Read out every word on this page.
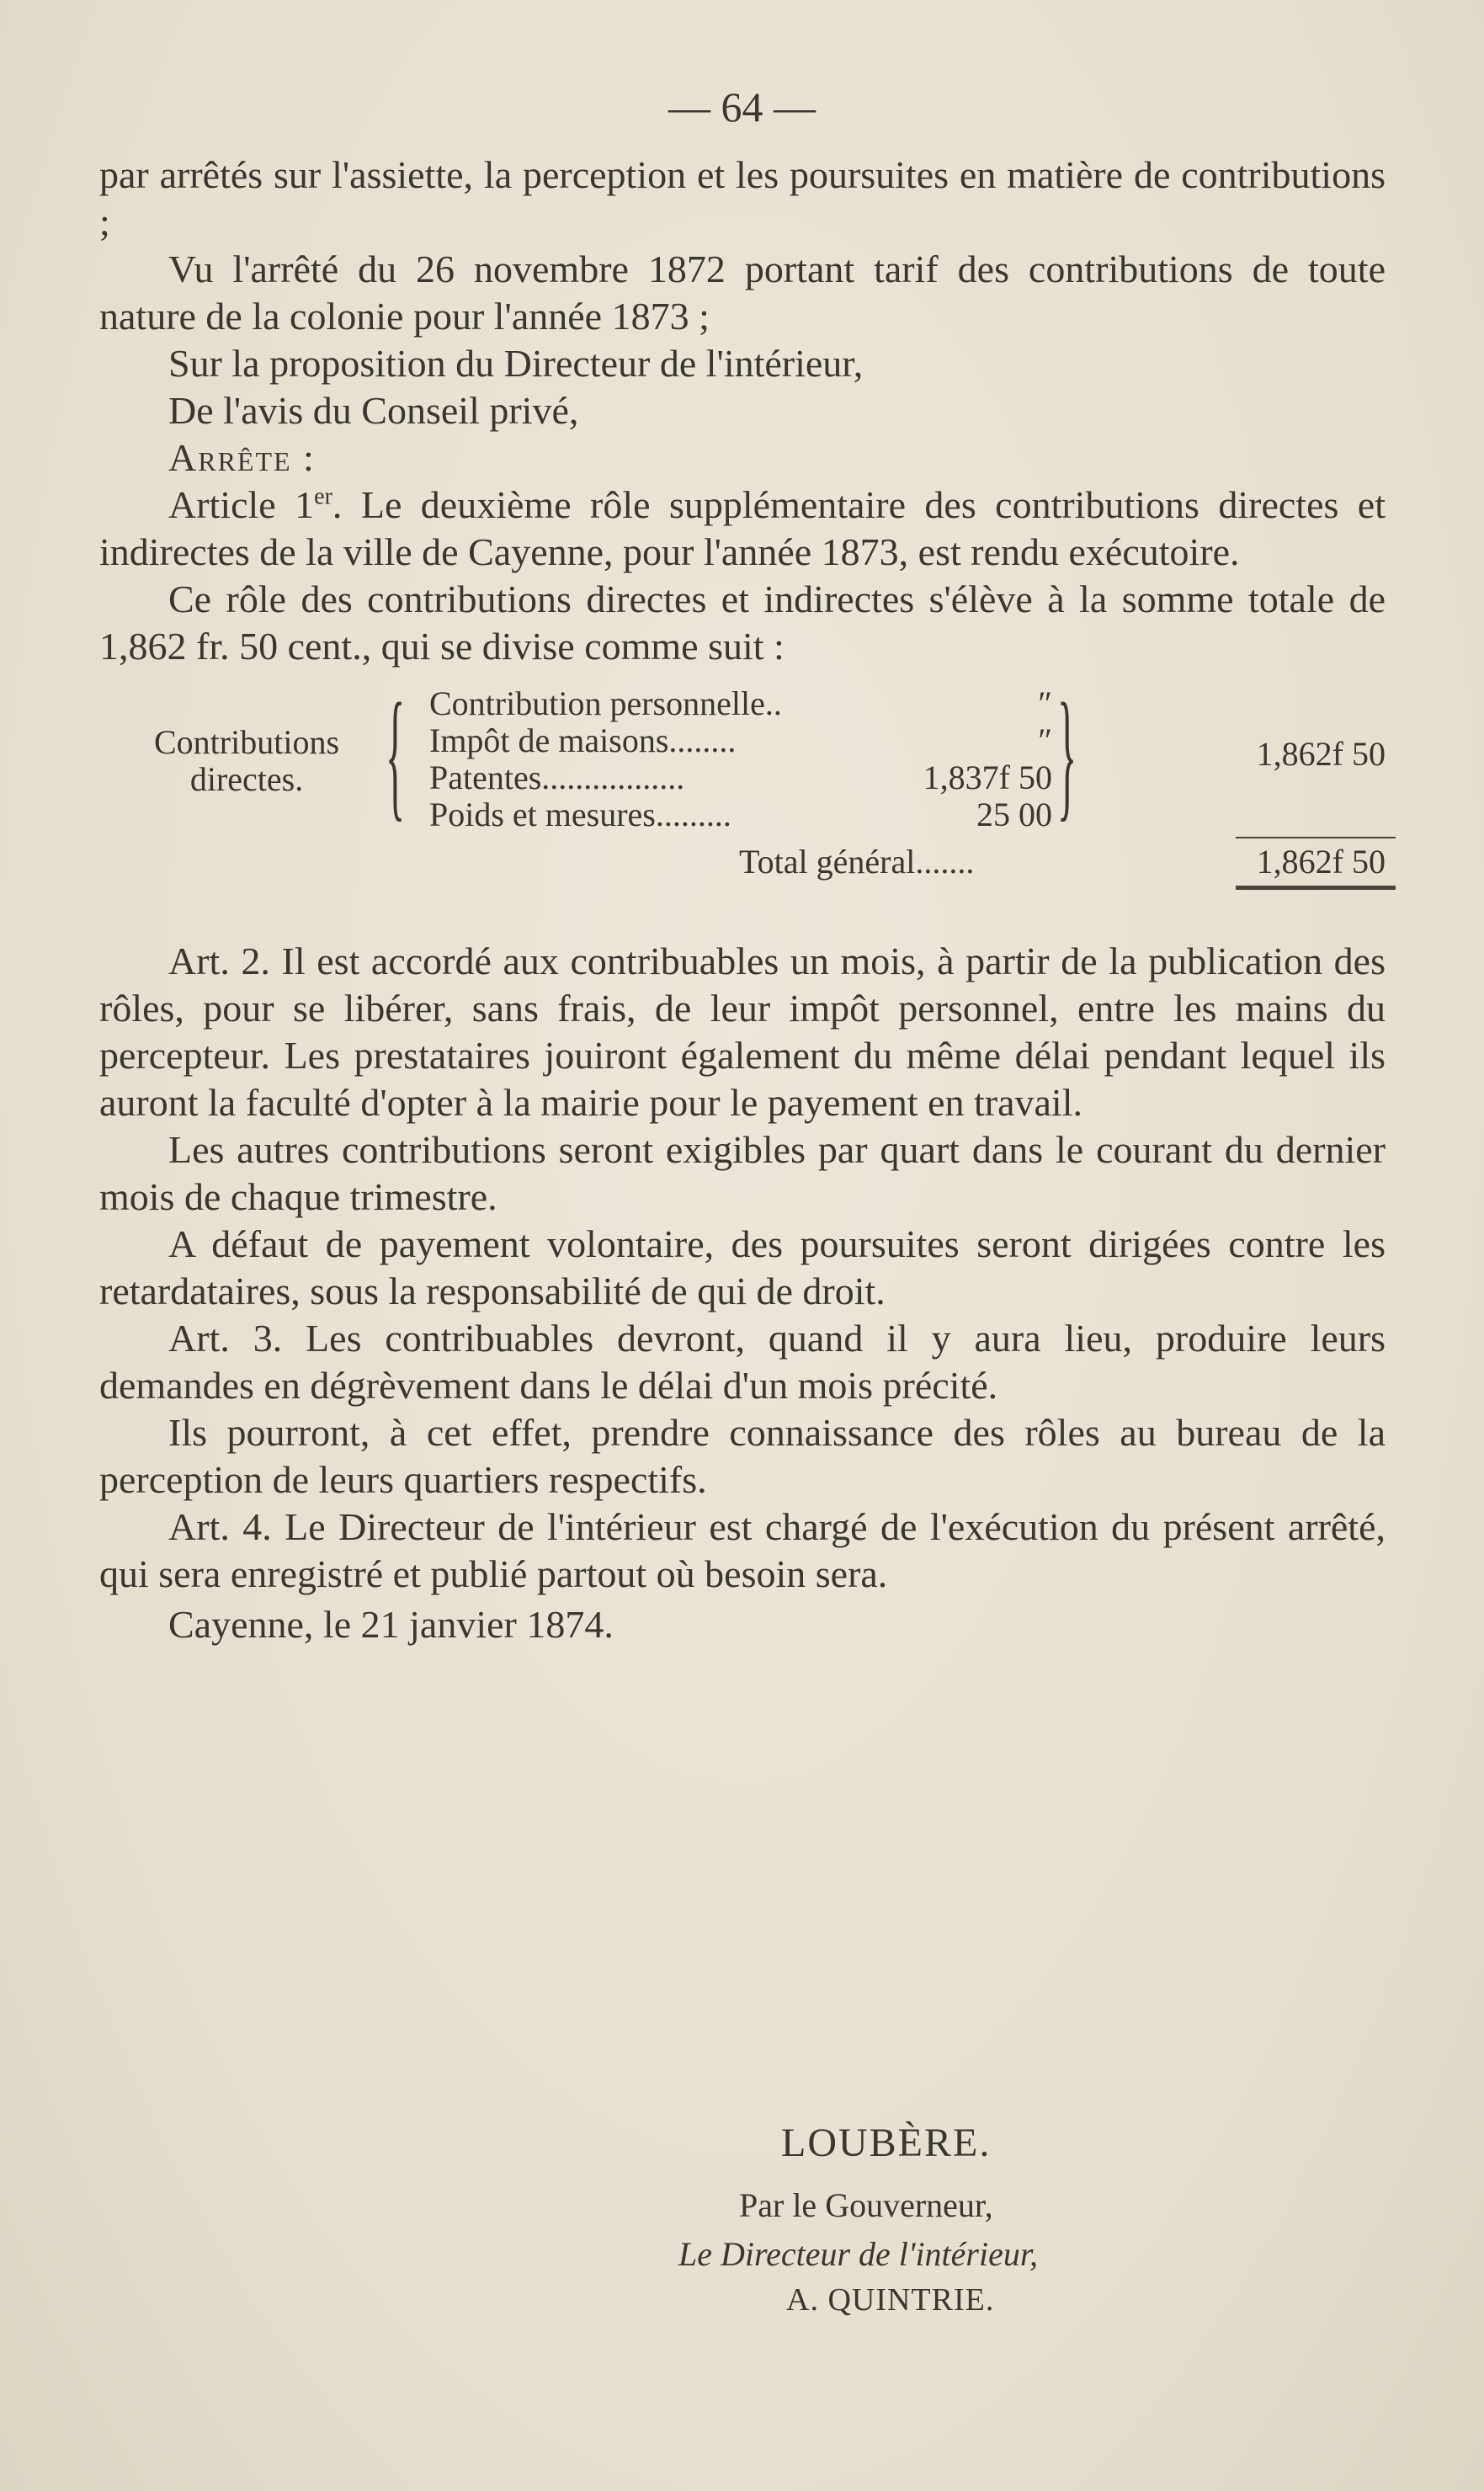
— 64 —

par arrêtés sur l'assiette, la perception et les poursuites en matière de contributions ;

Vu l'arrêté du 26 novembre 1872 portant tarif des contributions de toute nature de la colonie pour l'année 1873 ;

Sur la proposition du Directeur de l'intérieur,

De l'avis du Conseil privé,

Arrête :

Article 1er. Le deuxième rôle supplémentaire des contributions directes et indirectes de la ville de Cayenne, pour l'année 1873, est rendu exécutoire.

Ce rôle des contributions directes et indirectes s'élève à la somme totale de 1,862 fr. 50 cent., qui se divise comme suit :

Contributions
directes. { Contribution personnelle..	″
Impôt de maisons........	″
Patentes.................	1,837f 50
Poids et mesures.........	25 00 }	1,862f 50
Total général.......	1,862f 50

Art. 2. Il est accordé aux contribuables un mois, à partir de la publication des rôles, pour se libérer, sans frais, de leur impôt personnel, entre les mains du percepteur. Les prestataires jouiront également du même délai pendant lequel ils auront la faculté d'opter à la mairie pour le payement en travail.

Les autres contributions seront exigibles par quart dans le courant du dernier mois de chaque trimestre.

A défaut de payement volontaire, des poursuites seront dirigées contre les retardataires, sous la responsabilité de qui de droit.

Art. 3. Les contribuables devront, quand il y aura lieu, produire leurs demandes en dégrèvement dans le délai d'un mois précité.

Ils pourront, à cet effet, prendre connaissance des rôles au bureau de la perception de leurs quartiers respectifs.

Art. 4. Le Directeur de l'intérieur est chargé de l'exécution du présent arrêté, qui sera enregistré et publié partout où besoin sera.

Cayenne, le 21 janvier 1874.

LOUBÈRE.
Par le Gouverneur,
Le Directeur de l'intérieur,
A. QUINTRIE.
